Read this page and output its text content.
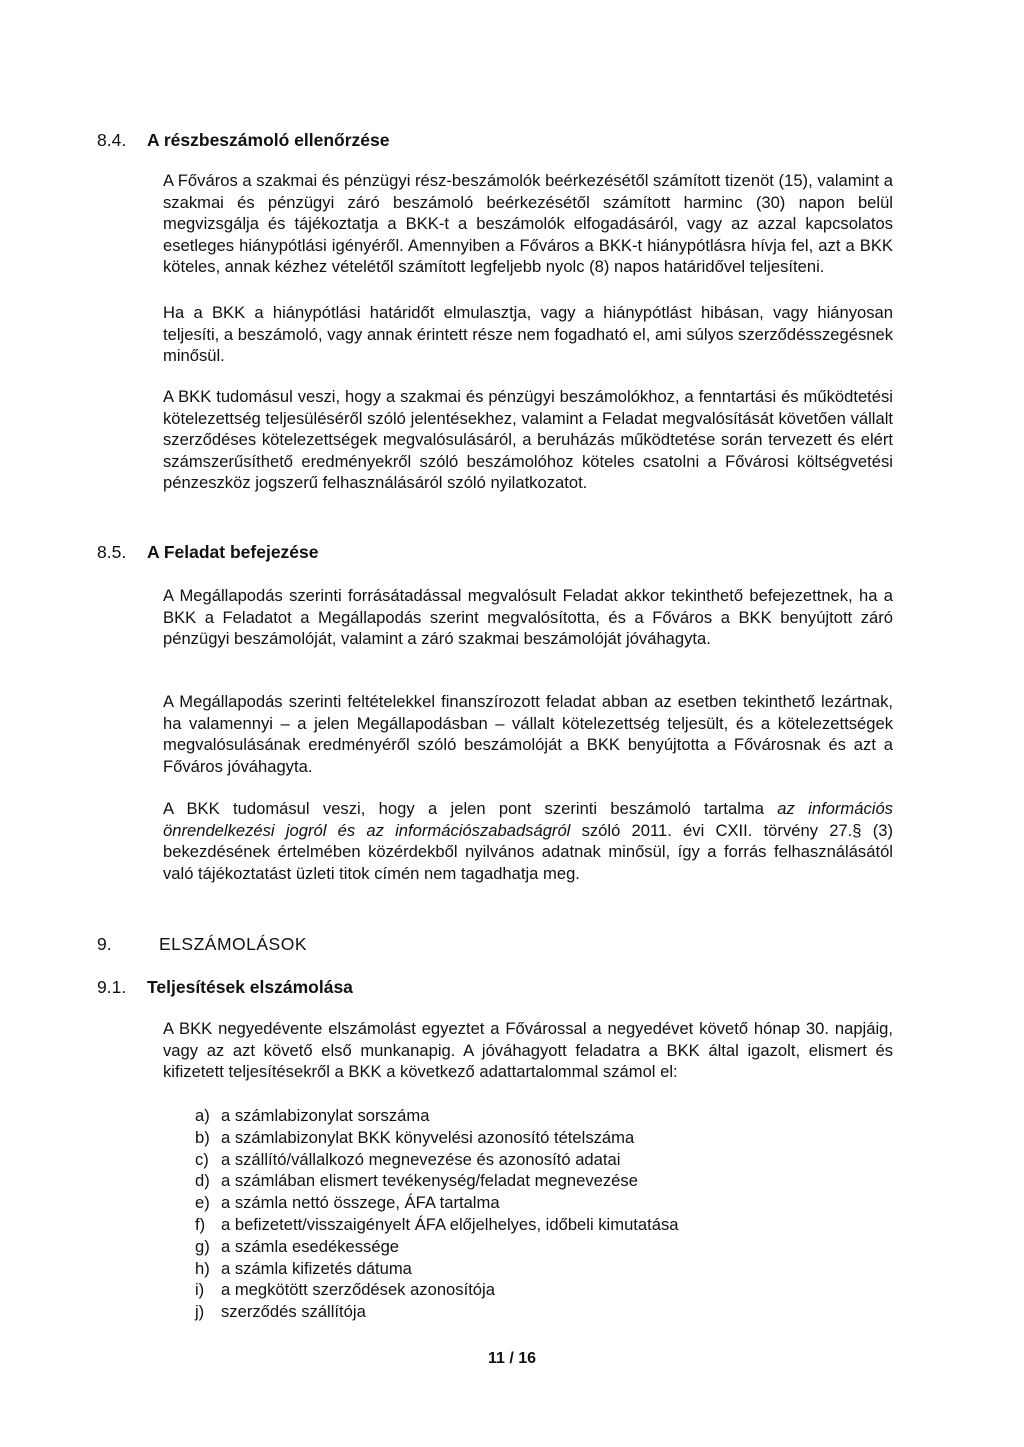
8.4. A részbeszámoló ellenőrzése

A Főváros a szakmai és pénzügyi rész-beszámolók beérkezésétől számított tizenöt (15), valamint a szakmai és pénzügyi záró beszámoló beérkezésétől számított harminc (30) napon belül megvizsgálja és tájékoztatja a BKK-t a beszámolók elfogadásáról, vagy az azzal kapcsolatos esetleges hiánypótlási igényéről. Amennyiben a Főváros a BKK-t hiánypótlásra hívja fel, azt a BKK köteles, annak kézhez vételétől számított legfeljebb nyolc (8) napos határidővel teljesíteni.

Ha a BKK a hiánypótlási határidőt elmulasztja, vagy a hiánypótlást hibásan, vagy hiányosan teljesíti, a beszámoló, vagy annak érintett része nem fogadható el, ami súlyos szerződésszegésnek minősül.

A BKK tudomásul veszi, hogy a szakmai és pénzügyi beszámolókhoz, a fenntartási és működtetési kötelezettség teljesüléséről szóló jelentésekhez, valamint a Feladat megvalósítását követően vállalt szerződéses kötelezettségek megvalósulásáról, a beruházás működtetése során tervezett és elért számszerűsíthető eredményekről szóló beszámolóhoz köteles csatolni a Fővárosi költségvetési pénzeszköz jogszerű felhasználásáról szóló nyilatkozatot.

8.5. A Feladat befejezése

A Megállapodás szerinti forrásátadással megvalósult Feladat akkor tekinthető befejezettnek, ha a BKK a Feladatot a Megállapodás szerint megvalósította, és a Főváros a BKK benyújtott záró pénzügyi beszámolóját, valamint a záró szakmai beszámolóját jóváhagyta.

A Megállapodás szerinti feltételekkel finanszírozott feladat abban az esetben tekinthető lezártnak, ha valamennyi – a jelen Megállapodásban – vállalt kötelezettség teljesült, és a kötelezettségek megvalósulásának eredményéről szóló beszámolóját a BKK benyújtotta a Fővárosnak és azt a Főváros jóváhagyta.

A BKK tudomásul veszi, hogy a jelen pont szerinti beszámoló tartalma az információs önrendelkezési jogról és az információszabadságról szóló 2011. évi CXII. törvény 27.§ (3) bekezdésének értelmében közérdekből nyilvános adatnak minősül, így a forrás felhasználásától való tájékoztatást üzleti titok címén nem tagadhatja meg.

9.	ELSZÁMOLÁSOK
9.1. Teljesítések elszámolása

A BKK negyedévente elszámolást egyeztet a Fővárossal a negyedévet követő hónap 30. napjáig, vagy az azt követő első munkanapig. A jóváhagyott feladatra a BKK által igazolt, elismert és kifizetett teljesítésekről a BKK a következő adattartalommal számol el:

a) a számlabizonylat sorszáma
b) a számlabizonylat BKK könyvelési azonosító tételszáma
c) a szállító/vállalkozó megnevezése és azonosító adatai
d) a számlában elismert tevékenység/feladat megnevezése
e) a számla nettó összege, ÁFA tartalma
f) a befizetett/visszaigényelt ÁFA előjelhelyes, időbeli kimutatása
g) a számla esedékessége
h) a számla kifizetés dátuma
i) a megkötött szerződések azonosítója
j) szerződés szállítója
11 / 16
